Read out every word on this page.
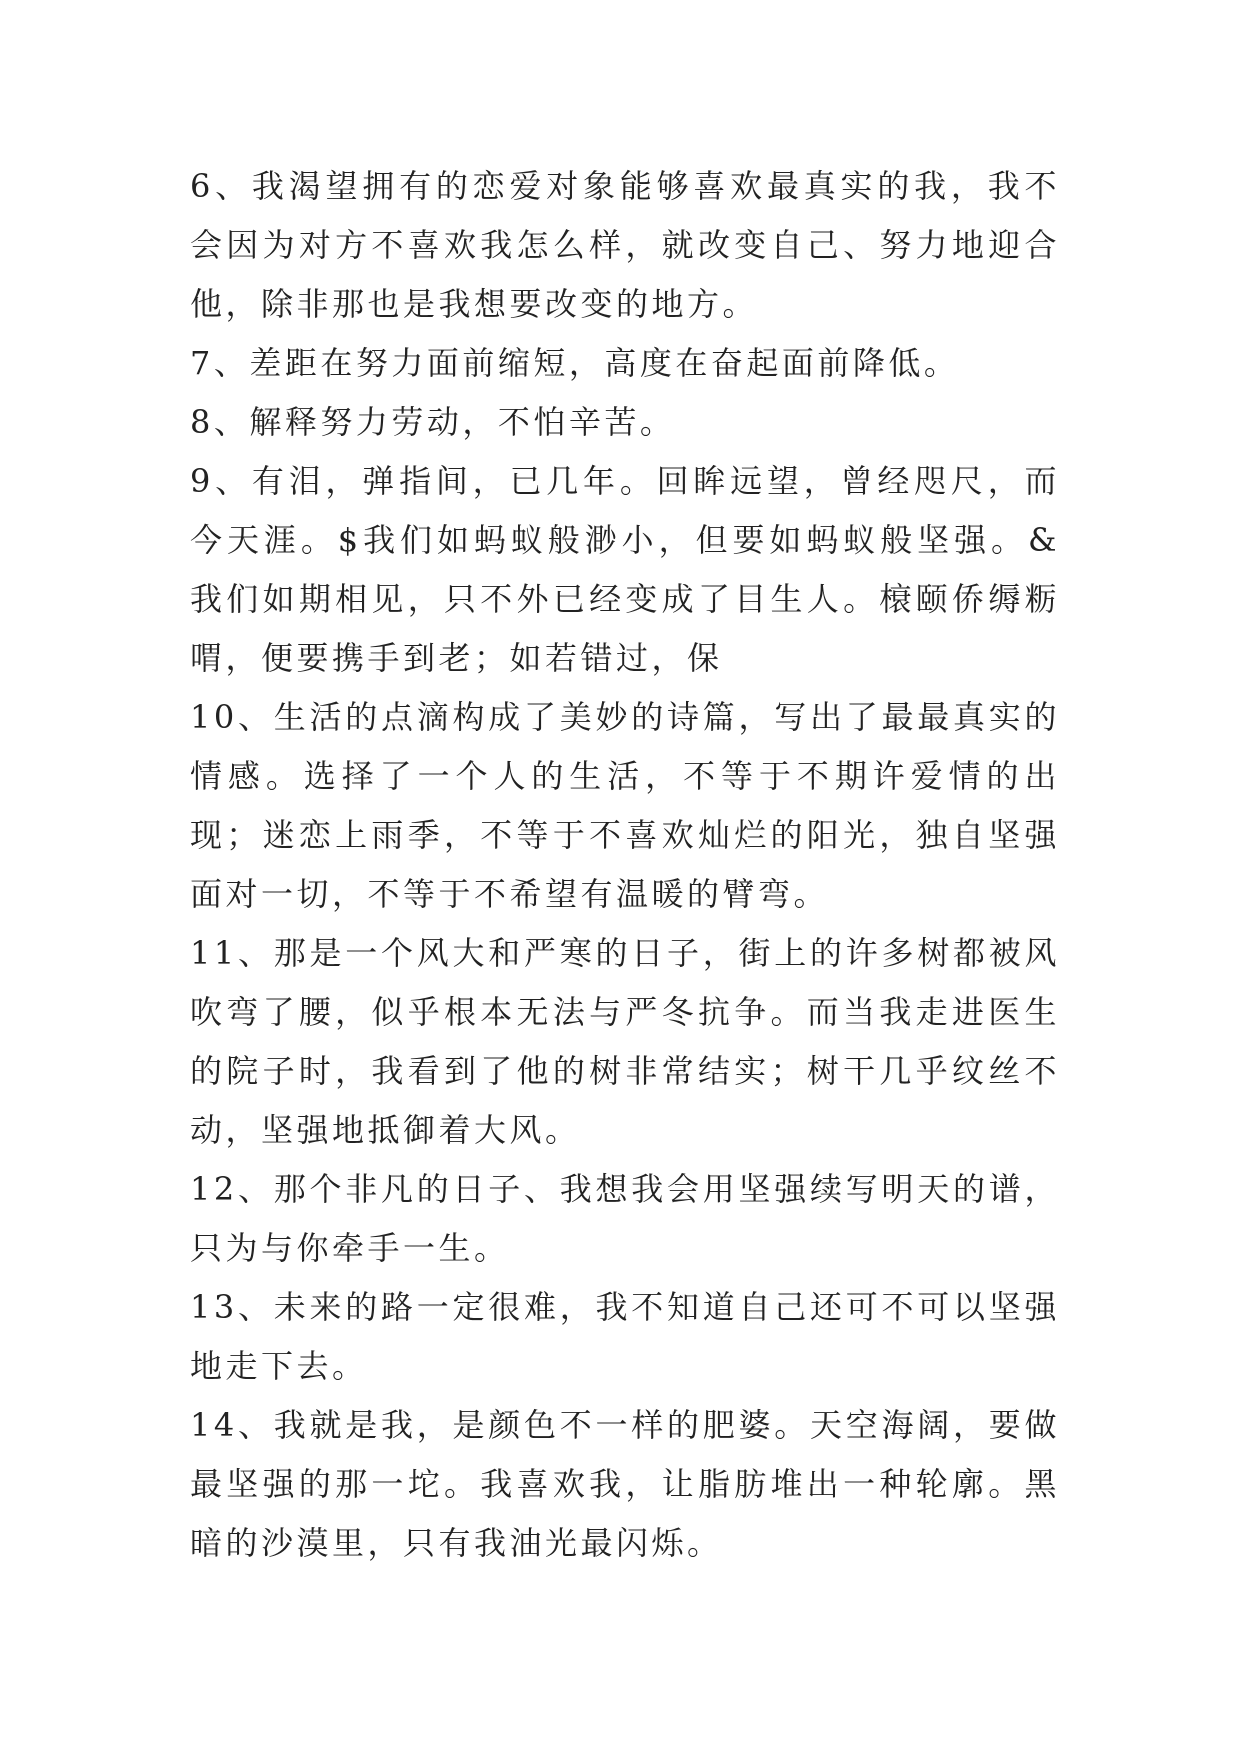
6、我渴望拥有的恋爱对象能够喜欢最真实的我，我不会因为对方不喜欢我怎么样，就改变自己、努力地迎合他，除非那也是我想要改变的地方。

7、差距在努力面前缩短，高度在奋起面前降低。

8、解释努力劳动，不怕辛苦。

9、有泪，弹指间，已几年。回眸远望，曾经咫尺，而今天涯。$我们如蚂蚁般渺小，但要如蚂蚁般坚强。&我们如期相见，只不外已经变成了目生人。榱颐侨缛粝喟，便要携手到老；如若错过，保

10、生活的点滴构成了美妙的诗篇，写出了最最真实的情感。选择了一个人的生活，不等于不期许爱情的出现；迷恋上雨季，不等于不喜欢灿烂的阳光，独自坚强面对一切，不等于不希望有温暖的臂弯。

11、那是一个风大和严寒的日子，街上的许多树都被风吹弯了腰，似乎根本无法与严冬抗争。而当我走进医生的院子时，我看到了他的树非常结实；树干几乎纹丝不动，坚强地抵御着大风。

12、那个非凡的日子、我想我会用坚强续写明天的谱，只为与你牵手一生。

13、未来的路一定很难，我不知道自己还可不可以坚强地走下去。

14、我就是我，是颜色不一样的肥婆。天空海阔，要做最坚强的那一坨。我喜欢我，让脂肪堆出一种轮廓。黑暗的沙漠里，只有我油光最闪烁。
